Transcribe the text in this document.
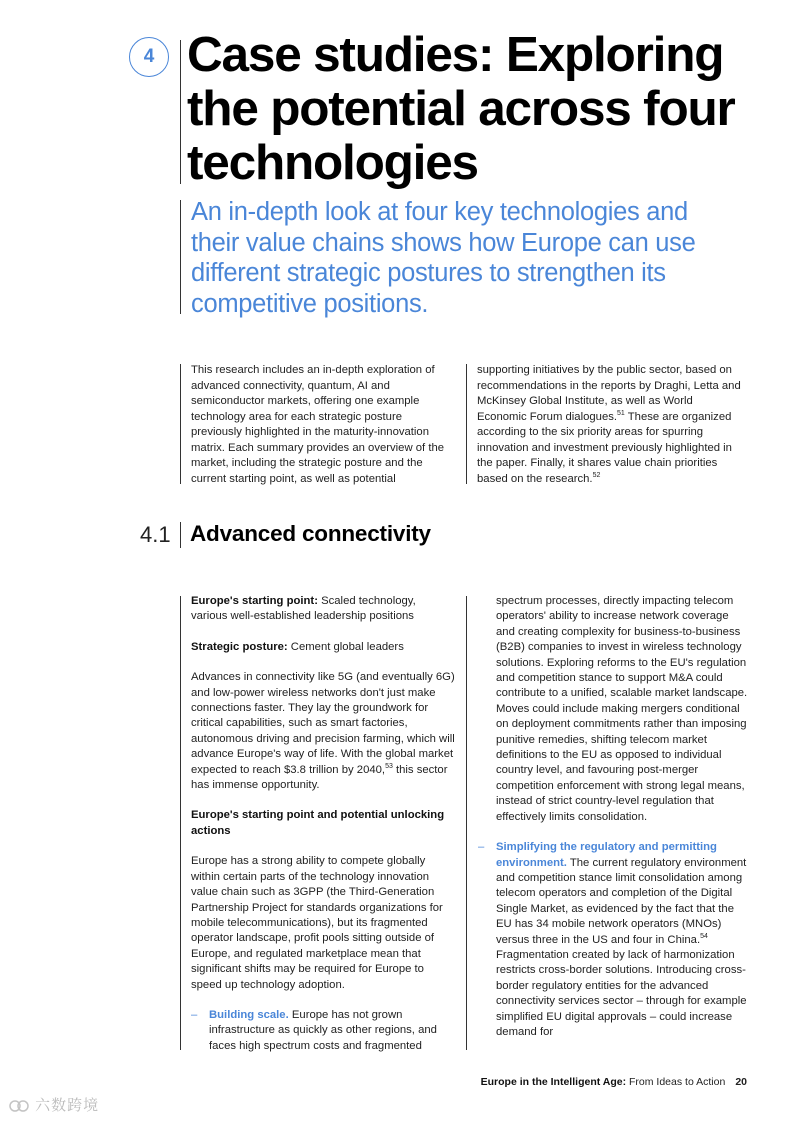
4 Case studies: Exploring the potential across four technologies

An in-depth look at four key technologies and their value chains shows how Europe can use different strategic postures to strengthen its competitive positions.

This research includes an in-depth exploration of advanced connectivity, quantum, AI and semiconductor markets, offering one example technology area for each strategic posture previously highlighted in the maturity-innovation matrix. Each summary provides an overview of the market, including the strategic posture and the current starting point, as well as potential

supporting initiatives by the public sector, based on recommendations in the reports by Draghi, Letta and McKinsey Global Institute, as well as World Economic Forum dialogues.$^{51}$ These are organized according to the six priority areas for spurring innovation and investment previously highlighted in the paper. Finally, it shares value chain priorities based on the research.$^{52}$

4.1 Advanced connectivity

Europe's starting point: Scaled technology, various well-established leadership positions

Strategic posture: Cement global leaders

Advances in connectivity like 5G (and eventually 6G) and low-power wireless networks don't just make connections faster. They lay the groundwork for critical capabilities, such as smart factories, autonomous driving and precision farming, which will advance Europe's way of life. With the global market expected to reach $3.8 trillion by 2040,53 this sector has immense opportunity.

Europe's starting point and potential unlocking actions

Europe has a strong ability to compete globally within certain parts of the technology innovation value chain such as 3GPP (the Third-Generation Partnership Project for standards organizations for mobile telecommunications), but its fragmented operator landscape, profit pools sitting outside of Europe, and regulated marketplace mean that significant shifts may be required for Europe to speed up technology adoption.

– Building scale. Europe has not grown infrastructure as quickly as other regions, and faces high spectrum costs and fragmented

spectrum processes, directly impacting telecom operators' ability to increase network coverage and creating complexity for business-to-business (B2B) companies to invest in wireless technology solutions. Exploring reforms to the EU's regulation and competition stance to support M&A could contribute to a unified, scalable market landscape. Moves could include making mergers conditional on deployment commitments rather than imposing punitive remedies, shifting telecom market definitions to the EU as opposed to individual country level, and favouring post-merger competition enforcement with strong legal means, instead of strict country-level regulation that effectively limits consolidation.

– Simplifying the regulatory and permitting environment. The current regulatory environment and competition stance limit consolidation among telecom operators and completion of the Digital Single Market, as evidenced by the fact that the EU has 34 mobile network operators (MNOs) versus three in the US and four in China.$^{54}$ Fragmentation created by lack of harmonization restricts cross-border solutions. Introducing cross-border regulatory entities for the advanced connectivity services sector – through for example simplified EU digital approvals – could increase demand for

Europe in the Intelligent Age: From Ideas to Action 20
六数跨境
